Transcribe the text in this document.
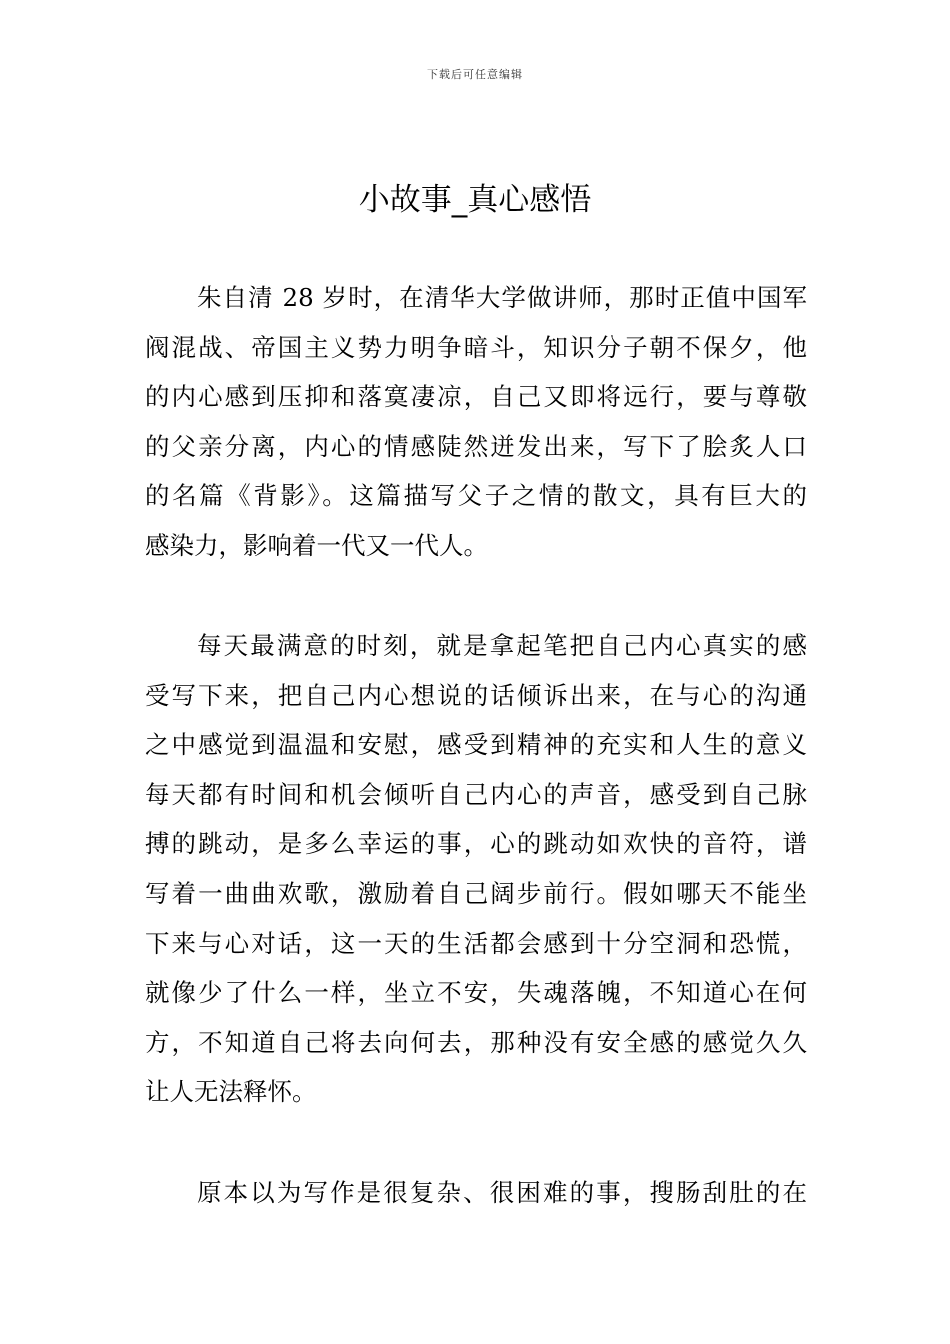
下载后可任意编辑
小故事_真心感悟
朱自清 28 岁时，在清华大学做讲师，那时正值中国军
阀混战、帝国主义势力明争暗斗，知识分子朝不保夕，他
的内心感到压抑和落寞凄凉，自己又即将远行，要与尊敬
的父亲分离，内心的情感陡然迸发出来，写下了脍炙人口
的名篇《背影》。这篇描写父子之情的散文，具有巨大的
感染力，影响着一代又一代人。
每天最满意的时刻，就是拿起笔把自己内心真实的感
受写下来，把自己内心想说的话倾诉出来，在与心的沟通
之中感觉到温温和安慰，感受到精神的充实和人生的意义
每天都有时间和机会倾听自己内心的声音，感受到自己脉
搏的跳动，是多么幸运的事，心的跳动如欢快的音符，谱
写着一曲曲欢歌，激励着自己阔步前行。假如哪天不能坐
下来与心对话，这一天的生活都会感到十分空洞和恐慌，
就像少了什么一样，坐立不安，失魂落魄，不知道心在何
方，不知道自己将去向何去，那种没有安全感的感觉久久
让人无法释怀。
原本以为写作是很复杂、很困难的事，搜肠刮肚的在
